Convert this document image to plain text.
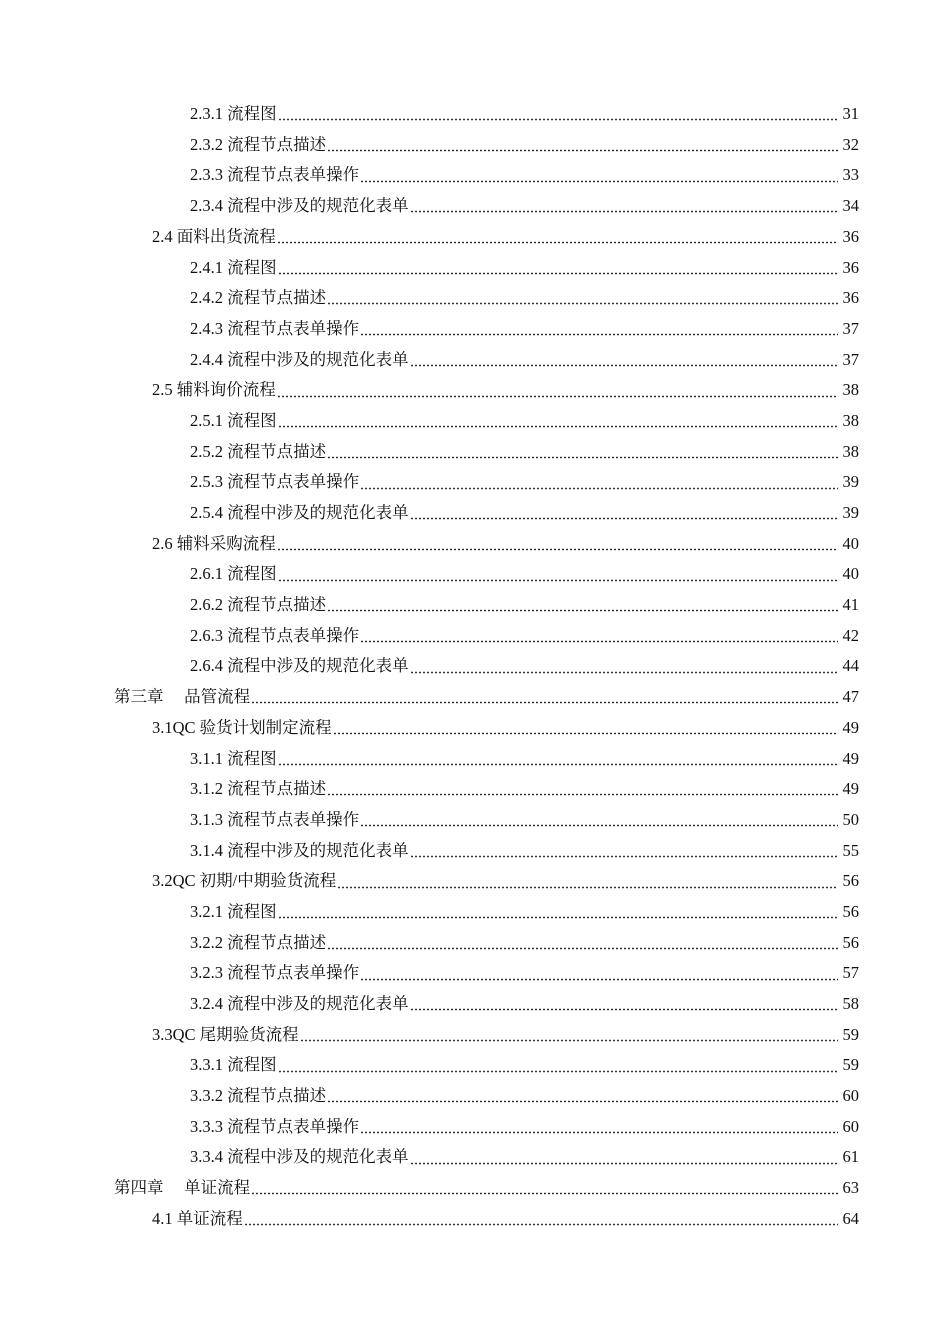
2.3.1 流程图	31
2.3.2 流程节点描述	32
2.3.3 流程节点表单操作	33
2.3.4 流程中涉及的规范化表单	34
2.4 面料出货流程	36
2.4.1 流程图	36
2.4.2 流程节点描述	36
2.4.3 流程节点表单操作	37
2.4.4 流程中涉及的规范化表单	37
2.5 辅料询价流程	38
2.5.1 流程图	38
2.5.2 流程节点描述	38
2.5.3 流程节点表单操作	39
2.5.4 流程中涉及的规范化表单	39
2.6 辅料采购流程	40
2.6.1 流程图	40
2.6.2 流程节点描述	41
2.6.3 流程节点表单操作	42
2.6.4 流程中涉及的规范化表单	44
第三章　 品管流程	47
3.1QC 验货计划制定流程	49
3.1.1 流程图	49
3.1.2 流程节点描述	49
3.1.3 流程节点表单操作	50
3.1.4 流程中涉及的规范化表单	55
3.2QC 初期/中期验货流程	56
3.2.1 流程图	56
3.2.2 流程节点描述	56
3.2.3 流程节点表单操作	57
3.2.4 流程中涉及的规范化表单	58
3.3QC 尾期验货流程	59
3.3.1 流程图	59
3.3.2 流程节点描述	60
3.3.3 流程节点表单操作	60
3.3.4 流程中涉及的规范化表单	61
第四章　 单证流程	63
4.1 单证流程	64
